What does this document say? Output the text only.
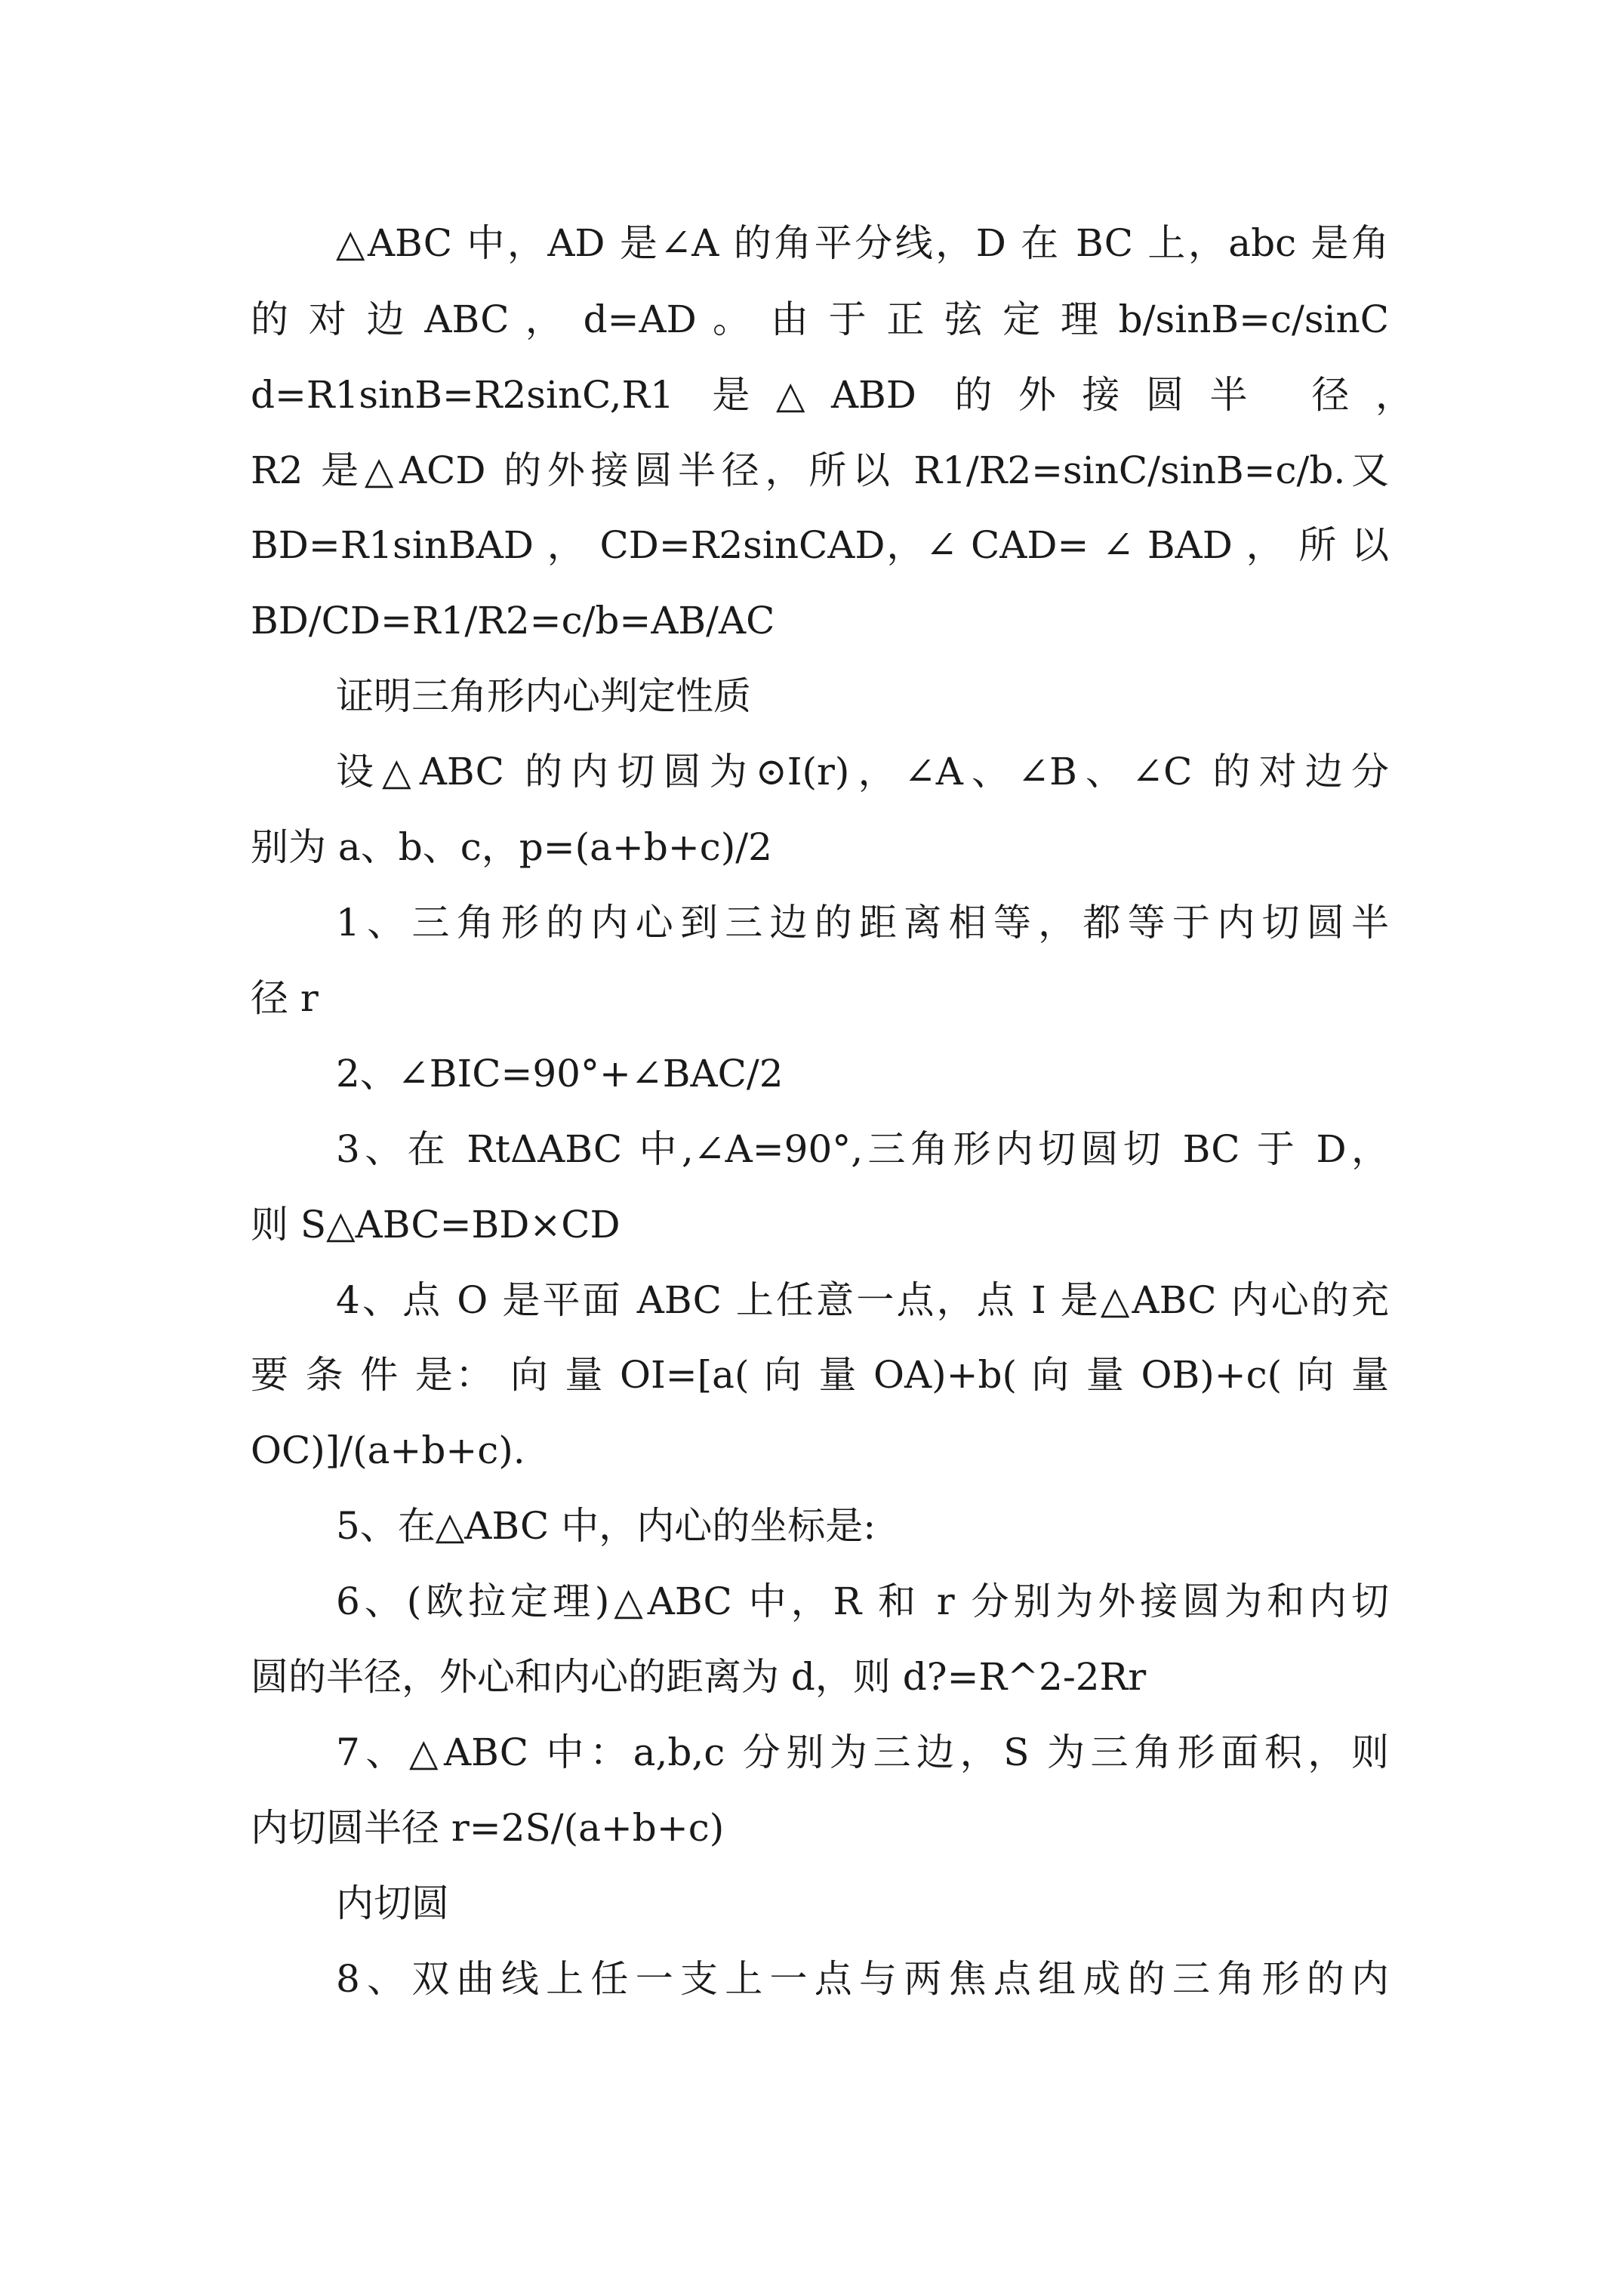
△ABC 中，AD 是∠A 的角平分线，D 在 BC 上，abc 是角

的 对 边 ABC ， d=AD 。 由 于 正 弦 定 理 b/sinB=c/sinC

d=R1sinB=R2sinC,R1 是△ABD 的外接圆半 径，

R2 是△ACD 的外接圆半径，所以 R1/R2=sinC/sinB=c/b.又

BD=R1sinBAD ， CD=R2sinCAD，∠ CAD= ∠ BAD ， 所 以

BD/CD=R1/R2=c/b=AB/AC

证明三角形内心判定性质

设△ABC 的内切圆为⊙I(r)，∠A、∠B、∠C 的对边分

别为 a、b、c，p=(a+b+c)/2

1、三角形的内心到三边的距离相等，都等于内切圆半

径 r

2、∠BIC=90°+∠BAC/2

3、在 RtΔABC 中,∠A=90°,三角形内切圆切 BC 于 D，

则 S△ABC=BD×CD

4、点 O 是平面 ABC 上任意一点，点 I 是△ABC 内心的充

要 条 件 是： 向 量 OI=[a( 向 量 OA)+b( 向 量 OB)+c( 向 量

OC)]/(a+b+c).

5、在△ABC 中，内心的坐标是:

6、(欧拉定理)△ABC 中，R 和 r 分别为外接圆为和内切

圆的半径，外心和内心的距离为 d，则 d?=R^2-2Rr

7、△ABC 中：a,b,c 分别为三边，S 为三角形面积，则

内切圆半径 r=2S/(a+b+c)

内切圆

8、双曲线上任一支上一点与两焦点组成的三角形的内
